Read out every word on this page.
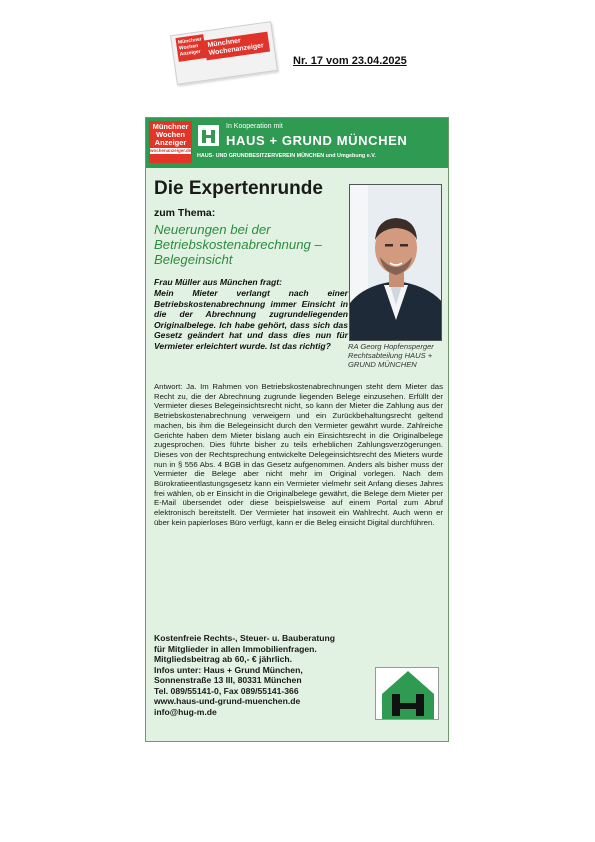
Münchner Wochen Anzeiger
Münchner Wochenanzeiger
Nr. 17 vom 23.04.2025
Münchner Wochen Anzeiger
wochenanzeiger.de
In Kooperation mit
HAUS + GRUND MÜNCHEN
HAUS- UND GRUNDBESITZERVEREIN MÜNCHEN und Umgebung e.V.
Die Expertenrunde
zum Thema:
Neuerungen bei der Betriebskostenabrechnung – Belegeinsicht
RA Georg Hopfensperger Rechtsabteilung HAUS + GRUND MÜNCHEN
Frau Müller aus München fragt:
Mein Mieter verlangt nach einer Betriebskostenabrechnung immer Einsicht in die der Abrechnung zugrundeliegenden Originalbelege. Ich habe gehört, dass sich das Gesetz geändert hat und dass dies nun für Vermieter erleichtert wurde. Ist das richtig?
Antwort: Ja. Im Rahmen von Betriebskostenabrechnungen steht dem Mieter das Recht zu, die der Abrechnung zugrunde liegenden Belege einzusehen. Erfüllt der Vermieter dieses Belegeinsichtsrecht nicht, so kann der Mieter die Zahlung aus der Betriebskostenabrechnung verweigern und ein Zurückbehaltungsrecht geltend machen, bis ihm die Belegeinsicht durch den Vermieter gewährt wurde. Zahlreiche Gerichte haben dem Mieter bislang auch ein Einsichtsrecht in die Originalbelege zugesprochen. Dies führte bisher zu teils erheblichen Zahlungsverzögerungen. Dieses von der Rechtsprechung entwickelte Delegeinsichtsrecht des Mieters wurde nun in § 556 Abs. 4 BGB in das Gesetz aufgenommen. Anders als bisher muss der Vermieter die Belege aber nicht mehr im Original vorlegen. Nach dem Bürokratieentlastungsgesetz kann ein Vermieter vielmehr seit Anfang dieses Jahres frei wählen, ob er Einsicht in die Originalbelege gewährt, die Belege dem Mieter per E-Mail übersendet oder diese beispielsweise auf einem Portal zum Abruf elektronisch bereitstellt. Der Vermieter hat insoweit ein Wahlrecht. Auch wenn er über kein papierloses Büro verfügt, kann er die Beleg einsicht Digital durchführen.
Kostenfreie Rechts-, Steuer- u. Bauberatung
für Mitglieder in allen Immobilienfragen.
Mitgliedsbeitrag ab 60,- € jährlich.
Infos unter: Haus + Grund München,
Sonnenstraße 13 III, 80331 München
Tel. 089/55141-0, Fax 089/55141-366
www.haus-und-grund-muenchen.de
info@hug-m.de
